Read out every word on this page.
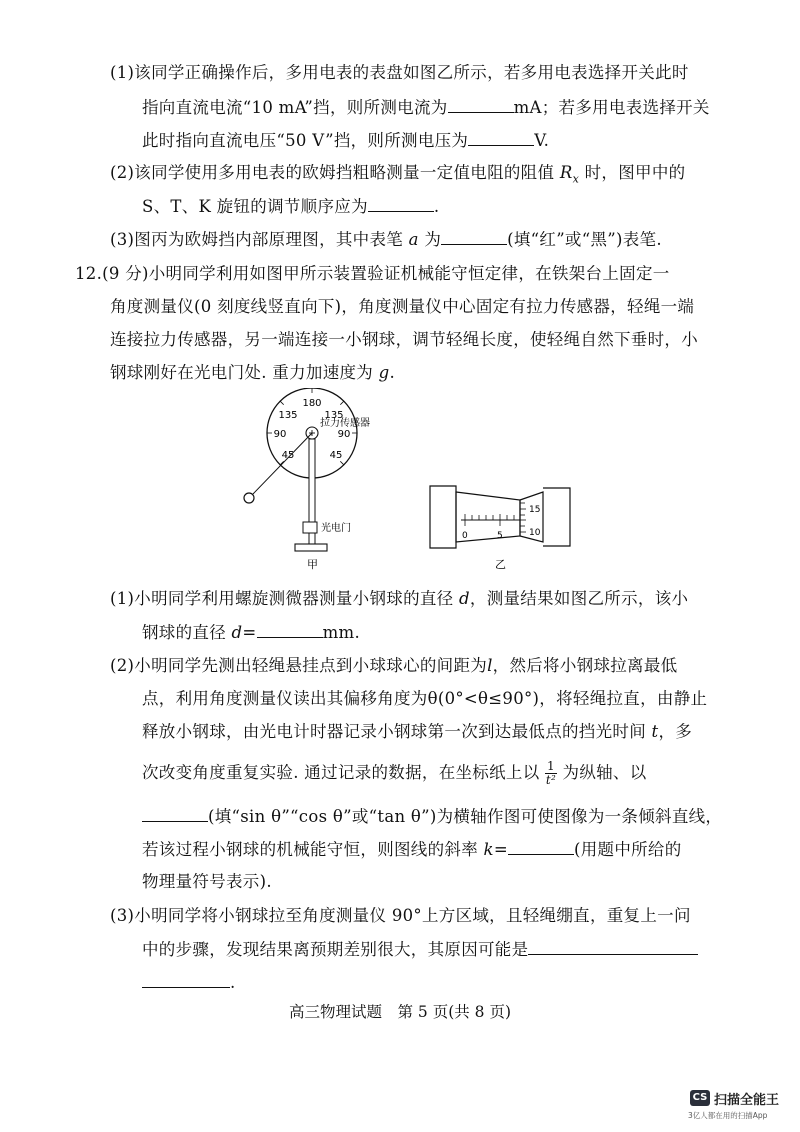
(1)该同学正确操作后，多用电表的表盘如图乙所示，若多用电表选择开关此时
指向直流电流“10 mA”挡，则所测电流为	mA；若多用电表选择开关
此时指向直流电压“50 V”挡，则所测电压为	V.
(2)该同学使用多用电表的欧姆挡粗略测量一定值电阻的阻值 $R_x$ 时，图甲中的
S、T、K 旋钮的调节顺序应为	.
(3)图丙为欧姆挡内部原理图，其中表笔 a 为	(填“红”或“黑”)表笔.
12.(9 分)小明同学利用如图甲所示装置验证机械能守恒定律，在铁架台上固定一
角度测量仪(0 刻度线竖直向下)，角度测量仪中心固定有拉力传感器，轻绳一端
连接拉力传感器，另一端连接一小钢球，调节轻绳长度，使轻绳自然下垂时，小
钢球刚好在光电门处. 重力加速度为 g.
180
135	135
90	90
45	45
拉力传感器
光电门
甲
0	5
15
10
乙
(1)小明同学利用螺旋测微器测量小钢球的直径 d，测量结果如图乙所示，该小
钢球的直径 d=	mm.
(2)小明同学先测出轻绳悬挂点到小球球心的间距为l，然后将小钢球拉离最低
点，利用角度测量仪读出其偏移角度为θ(0°<θ≤90°)，将轻绳拉直，由静止
释放小钢球，由光电计时器记录小钢球第一次到达最低点的挡光时间 t，多
次改变角度重复实验. 通过记录的数据，在坐标纸上以 $\frac{1}{\text{t²}}$ 为纵轴、以
(填“sin θ”“cos θ”或“tan θ”)为横轴作图可使图像为一条倾斜直线，
若该过程小钢球的机械能守恒，则图线的斜率 k=	(用题中所给的
物理量符号表示).
(3)小明同学将小钢球拉至角度测量仪 90°上方区域，且轻绳绷直，重复上一问
中的步骤，发现结果离预期差别很大，其原因可能是
.
高三物理试题　第 5 页(共 8 页)
CS 扫描全能王
3亿人都在用的扫描App
